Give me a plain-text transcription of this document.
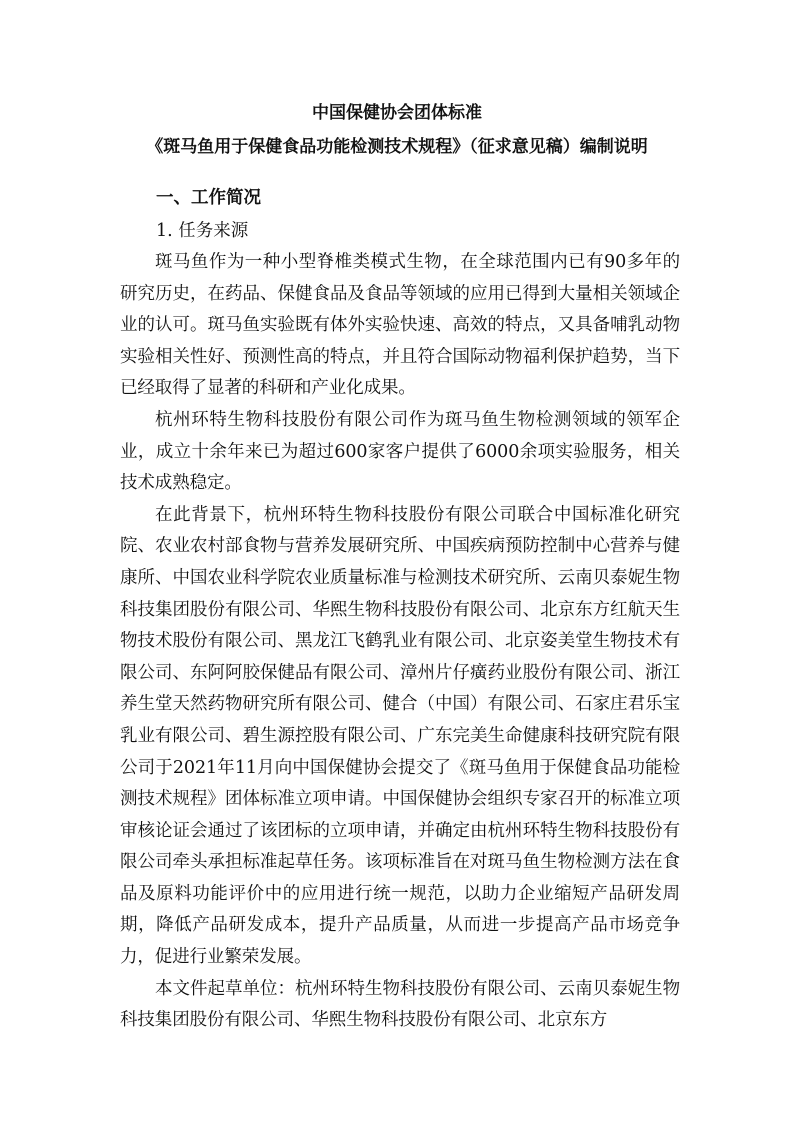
中国保健协会团体标准

《斑马鱼用于保健食品功能检测技术规程》（征求意见稿）编制说明

一、工作简况

1. 任务来源

斑马鱼作为一种小型脊椎类模式生物，在全球范围内已有90多年的研究历史，在药品、保健食品及食品等领域的应用已得到大量相关领域企业的认可。斑马鱼实验既有体外实验快速、高效的特点，又具备哺乳动物实验相关性好、预测性高的特点，并且符合国际动物福利保护趋势，当下已经取得了显著的科研和产业化成果。

杭州环特生物科技股份有限公司作为斑马鱼生物检测领域的领军企业，成立十余年来已为超过600家客户提供了6000余项实验服务，相关技术成熟稳定。

在此背景下，杭州环特生物科技股份有限公司联合中国标准化研究院、农业农村部食物与营养发展研究所、中国疾病预防控制中心营养与健康所、中国农业科学院农业质量标准与检测技术研究所、云南贝泰妮生物科技集团股份有限公司、华熙生物科技股份有限公司、北京东方红航天生物技术股份有限公司、黑龙江飞鹤乳业有限公司、北京姿美堂生物技术有限公司、东阿阿胶保健品有限公司、漳州片仔癀药业股份有限公司、浙江养生堂天然药物研究所有限公司、健合（中国）有限公司、石家庄君乐宝乳业有限公司、碧生源控股有限公司、广东完美生命健康科技研究院有限公司于2021年11月向中国保健协会提交了《斑马鱼用于保健食品功能检测技术规程》团体标准立项申请。中国保健协会组织专家召开的标准立项审核论证会通过了该团标的立项申请，并确定由杭州环特生物科技股份有限公司牵头承担标准起草任务。该项标准旨在对斑马鱼生物检测方法在食品及原料功能评价中的应用进行统一规范，以助力企业缩短产品研发周期，降低产品研发成本，提升产品质量，从而进一步提高产品市场竞争力，促进行业繁荣发展。

本文件起草单位：杭州环特生物科技股份有限公司、云南贝泰妮生物科技集团股份有限公司、华熙生物科技股份有限公司、北京东方
